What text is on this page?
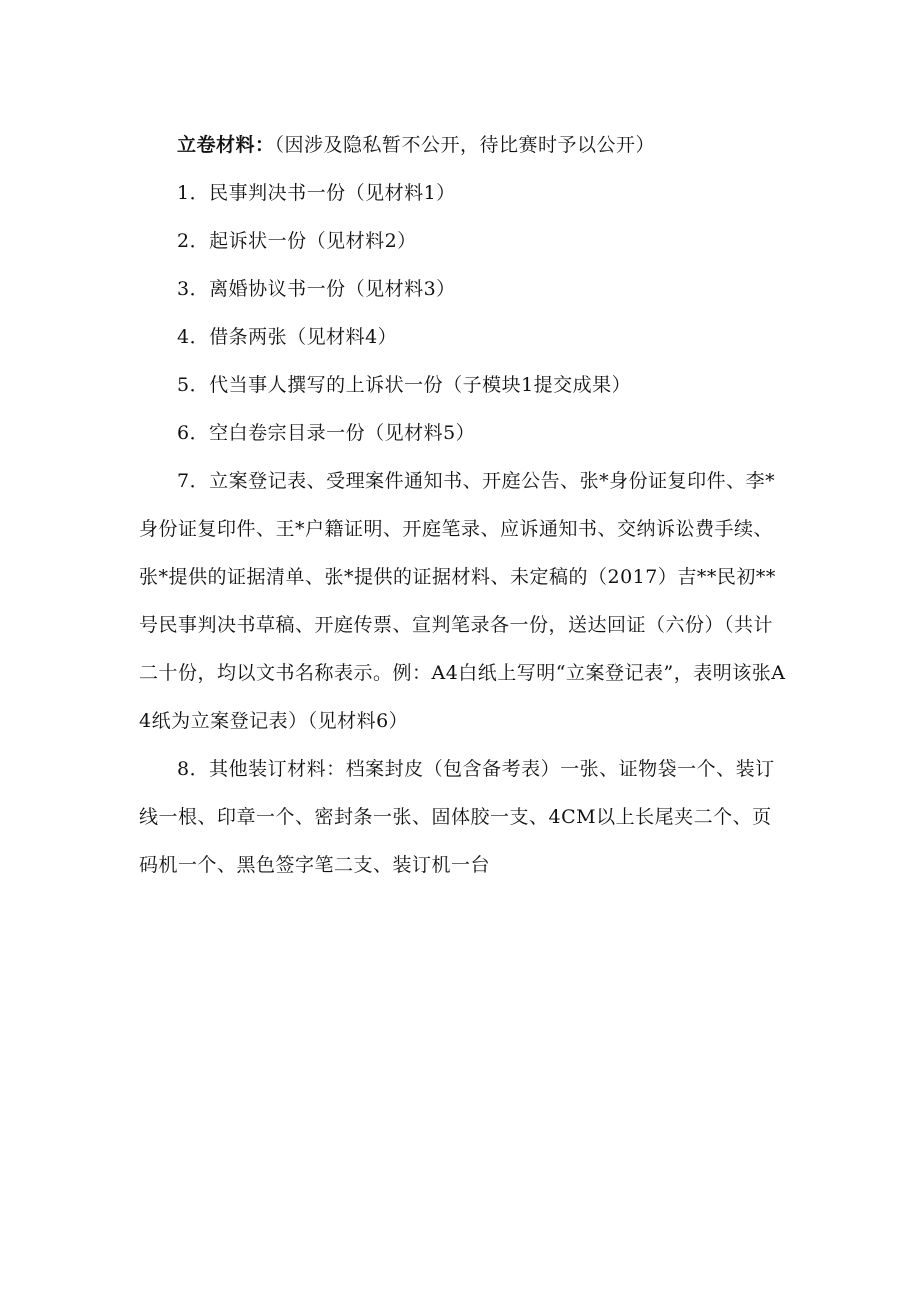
立卷材料：（因涉及隐私暂不公开，待比赛时予以公开）

1．民事判决书一份（见材料1）

2．起诉状一份（见材料2）

3．离婚协议书一份（见材料3）

4．借条两张（见材料4）

5．代当事人撰写的上诉状一份（子模块1提交成果）

6．空白卷宗目录一份（见材料5）

7．立案登记表、受理案件通知书、开庭公告、张*身份证复印件、李*身份证复印件、王*户籍证明、开庭笔录、应诉通知书、交纳诉讼费手续、张*提供的证据清单、张*提供的证据材料、未定稿的（2017）吉**民初**号民事判决书草稿、开庭传票、宣判笔录各一份，送达回证（六份）（共计二十份，均以文书名称表示。例：A4白纸上写明“立案登记表”，表明该张A4纸为立案登记表）（见材料6）

8．其他装订材料：档案封皮（包含备考表）一张、证物袋一个、装订线一根、印章一个、密封条一张、固体胶一支、4CM以上长尾夹二个、页码机一个、黑色签字笔二支、装订机一台
